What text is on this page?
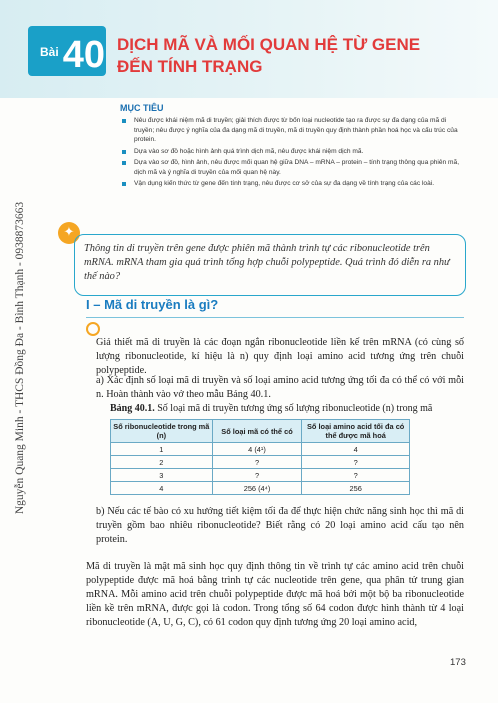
Bài 40 DỊCH MÃ VÀ MỐI QUAN HỆ TỪ GENE
ĐẾN TÍNH TRẠNG
Nguyễn Quang Minh - THCS Đồng Đa - Bình Thạnh - 0938873663
MỤC TIÊU
Nêu được khái niệm mã di truyền; giải thích được từ bốn loại nucleotide tạo ra được sự đa dạng của mã di truyền; nêu được ý nghĩa của đa dạng mã di truyền, mã di truyền quy định thành phần hoá học và cấu trúc của protein.
Dựa vào sơ đồ hoặc hình ảnh quá trình dịch mã, nêu được khái niệm dịch mã.
Dựa vào sơ đồ, hình ảnh, nêu được mối quan hệ giữa DNA – mRNA – protein – tính trạng thông qua phiên mã, dịch mã và ý nghĩa di truyền của mối quan hệ này.
Vận dụng kiến thức từ gene đến tính trạng, nêu được cơ sở của sự đa dạng về tính trạng của các loài.
✦
Thông tin di truyền trên gene được phiên mã thành trình tự các ribonucleotide trên mRNA. mRNA tham gia quá trình tổng hợp chuỗi polypeptide. Quá trình đó diễn ra như thế nào?
I – Mã di truyền là gì?
Giả thiết mã di truyền là các đoạn ngắn ribonucleotide liền kế trên mRNA (có cùng số lượng ribonucleotide, kí hiệu là n) quy định loại amino acid tương ứng trên chuỗi polypeptide.
a) Xác định số loại mã di truyền và số loại amino acid tương ứng tối đa có thể có với mỗi n. Hoàn thành vào vở theo mẫu Bảng 40.1.
Bảng 40.1. Số loại mã di truyền tương ứng số lượng ribonucleotide (n) trong mã
Số ribonucleotide trong mã (n)	Số loại mã có thể có	Số loại amino acid tối đa có thể được mã hoá
1	4 (4¹)	4
2	?	?
3	?	?
4	256 (4⁴)	256
b) Nếu các tế bào có xu hướng tiết kiệm tối đa để thực hiện chức năng sinh học thì mã di truyền gồm bao nhiêu ribonucleotide? Biết rằng có 20 loại amino acid cấu tạo nên protein.
Mã di truyền là mật mã sinh học quy định thông tin về trình tự các amino acid trên chuỗi polypeptide được mã hoá bằng trình tự các nucleotide trên gene, qua phân tử trung gian mRNA. Mỗi amino acid trên chuỗi polypeptide được mã hoá bởi một bộ ba ribonucleotide liền kề trên mRNA, được gọi là codon. Trong tổng số 64 codon được hình thành từ 4 loại ribonucleotide (A, U, G, C), có 61 codon quy định tương ứng 20 loại amino acid,
173
